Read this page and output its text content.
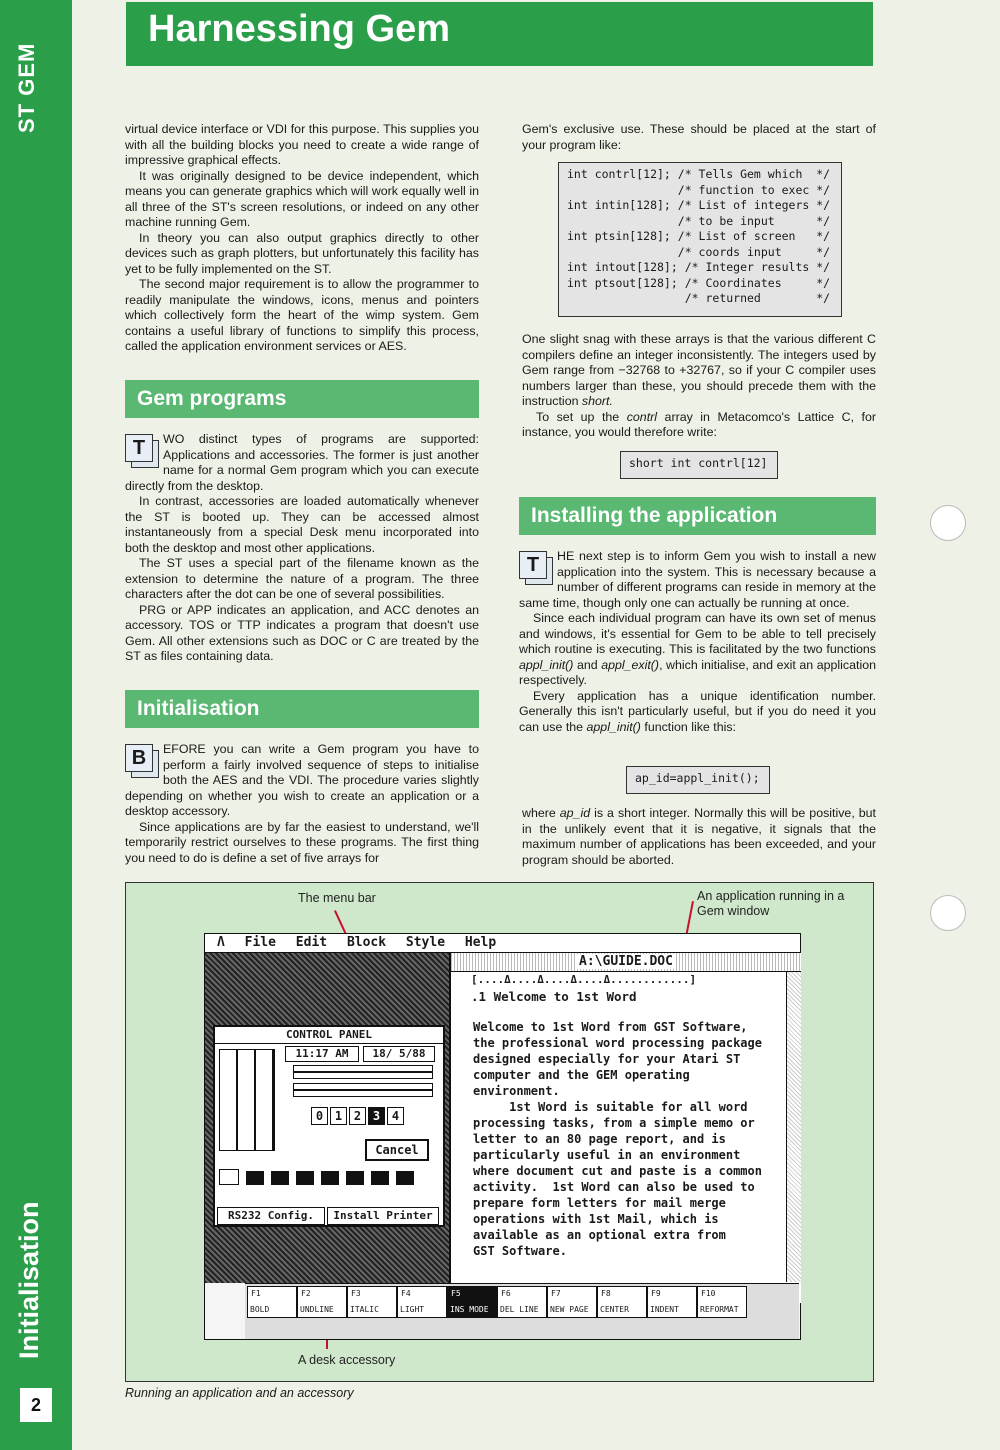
ST GEM
Initialisation
2
Harnessing Gem

virtual device interface or VDI for this purpose. This supplies you with all the building blocks you need to create a wide range of impressive graphical effects.

It was originally designed to be device independent, which means you can generate graphics which will work equally well in all three of the ST's screen resolutions, or indeed on any other machine running Gem.

In theory you can also output graphics directly to other devices such as graph plotters, but unfortunately this facility has yet to be fully implemented on the ST.

The second major requirement is to allow the programmer to readily manipulate the windows, icons, menus and pointers which collectively form the heart of the wimp system. Gem contains a useful library of functions to simplify this process, called the application environment services or AES.

Gem programs
T	WO distinct types of programs are supported: Applications and accessories. The former is just another name for a normal Gem program which you can execute directly from the desktop.

In contrast, accessories are loaded automatically whenever the ST is booted up. They can be accessed almost instantaneously from a special Desk menu incorporated into both the desktop and most other applications.

The ST uses a special part of the filename known as the extension to determine the nature of a program. The three characters after the dot can be one of several possibilities.

PRG or APP indicates an application, and ACC denotes an accessory. TOS or TTP indicates a program that doesn't use Gem. All other extensions such as DOC or C are treated by the ST as files containing data.

Initialisation
B	EFORE you can write a Gem program you have to perform a fairly involved sequence of steps to initialise both the AES and the VDI. The procedure varies slightly depending on whether you wish to create an application or a desktop accessory.

Since applications are by far the easiest to understand, we'll temporarily restrict ourselves to these programs. The first thing you need to do is define a set of five arrays for

Gem's exclusive use. These should be placed at the start of your program like:

int contrl[12]; /* Tells Gem which  */
/* function to exec */
int intin[128]; /* List of integers */
/* to be input      */
int ptsin[128]; /* List of screen   */
/* coords input     */
int intout[128]; /* Integer results */
int ptsout[128]; /* Coordinates     */
/* returned        */

One slight snag with these arrays is that the various different C compilers define an integer inconsistently. The integers used by Gem range from −32768 to +32767, so if your C compiler uses numbers larger than these, you should precede them with the instruction short.

To set up the contrl array in Metacomco's Lattice C, for instance, you would therefore write:

short int contrl[12]
Installing the application
T	HE next step is to inform Gem you wish to install a new application into the system. This is necessary because a number of different programs can reside in memory at the same time, though only one can actually be running at once.

Since each individual program can have its own set of menus and windows, it's essential for Gem to be able to tell precisely which routine is executing. This is facilitated by the two functions appl_init() and appl_exit(), which initialise, and exit an application respectively.

Every application has a unique identification number. Generally this isn't particularly useful, but if you do need it you can use the appl_init() function like this:

ap_id=appl_init();

where ap_id is a short integer. Normally this will be positive, but in the unlikely event that it is negative, it signals that the maximum number of applications has been exceeded, and your program should be aborted.

The menu bar	An application running in a Gem window
Λ File Edit Block Style Help
CONTROL PANEL
11:17 AM	18/ 5/88
0 1 2 3 4
Cancel
RS232 Config.	Install Printer
A:\GUIDE.DOC
[....Δ....Δ....Δ....Δ............]
.1 Welcome to 1st Word
Welcome to 1st Word from GST Software,
the professional word processing package
designed especially for your Atari ST
computer and the GEM operating
environment.
1st Word is suitable for all word
processing tasks, from a simple memo or
letter to an 80 page report, and is
particularly useful in an environment
where document cut and paste is a common
activity.  1st Word can also be used to
prepare form letters for mail merge
operations with 1st Mail, which is
available as an optional extra from
GST Software.
F1
BOLD
F2
UNDLINE
F3
ITALIC
F4
LIGHT
F5
INS MODE
F6
DEL LINE
F7
NEW PAGE
F8
CENTER
F9
INDENT
F10
REFORMAT
A desk accessory
Running an application and an accessory
